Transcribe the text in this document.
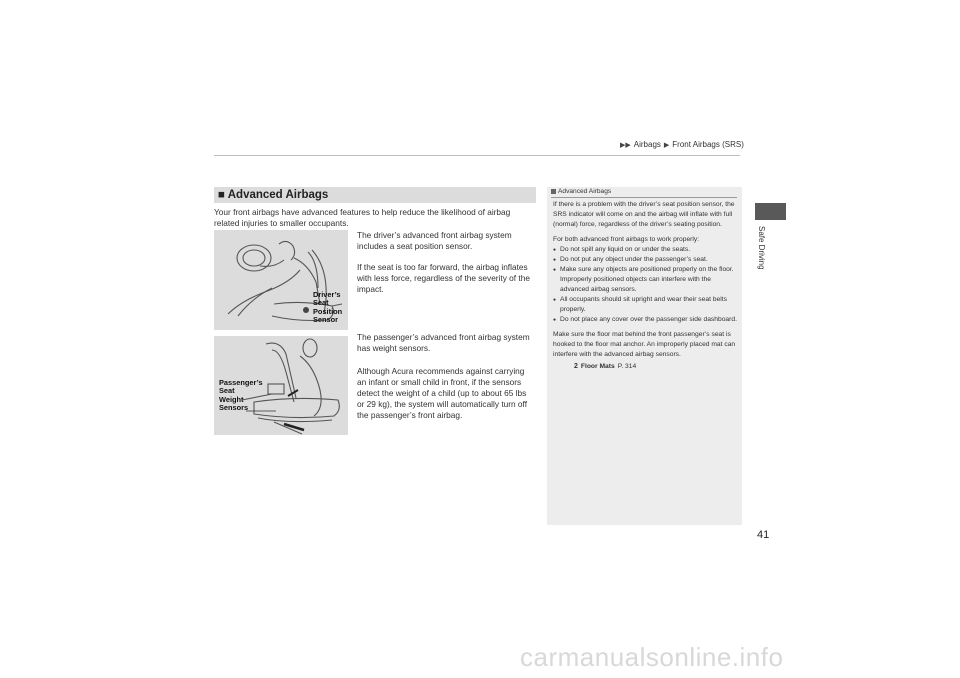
▶▶ Airbags ▶ Front Airbags (SRS)
Safe Driving
■ Advanced Airbags
Your front airbags have advanced features to help reduce the likelihood of airbag related injuries to smaller occupants.
Driver’s
Seat
Position
Sensor
Passenger’s
Seat
Weight
Sensors
The driver’s advanced front airbag system includes a seat position sensor.
If the seat is too far forward, the airbag inflates with less force, regardless of the severity of the impact.
The passenger’s advanced front airbag system has weight sensors.
Although Acura recommends against carrying an infant or small child in front, if the sensors detect the weight of a child (up to about 65 lbs or 29 kg), the system will automatically turn off the passenger’s front airbag.
Advanced Airbags

If there is a problem with the driver’s seat position sensor, the SRS indicator will come on and the airbag will inflate with full (normal) force, regardless of the driver’s seating position.

For both advanced front airbags to work properly:
● Do not spill any liquid on or under the seats.
● Do not put any object under the passenger’s seat.
● Make sure any objects are positioned properly on the floor. Improperly positioned objects can interfere with the advanced airbag sensors.
● All occupants should sit upright and wear their seat belts properly.
● Do not place any cover over the passenger side dashboard.

Make sure the floor mat behind the front passenger’s seat is hooked to the floor mat anchor. An improperly placed mat can interfere with the advanced airbag sensors.

2 Floor Mats P. 314
41
carmanualsonline.info
